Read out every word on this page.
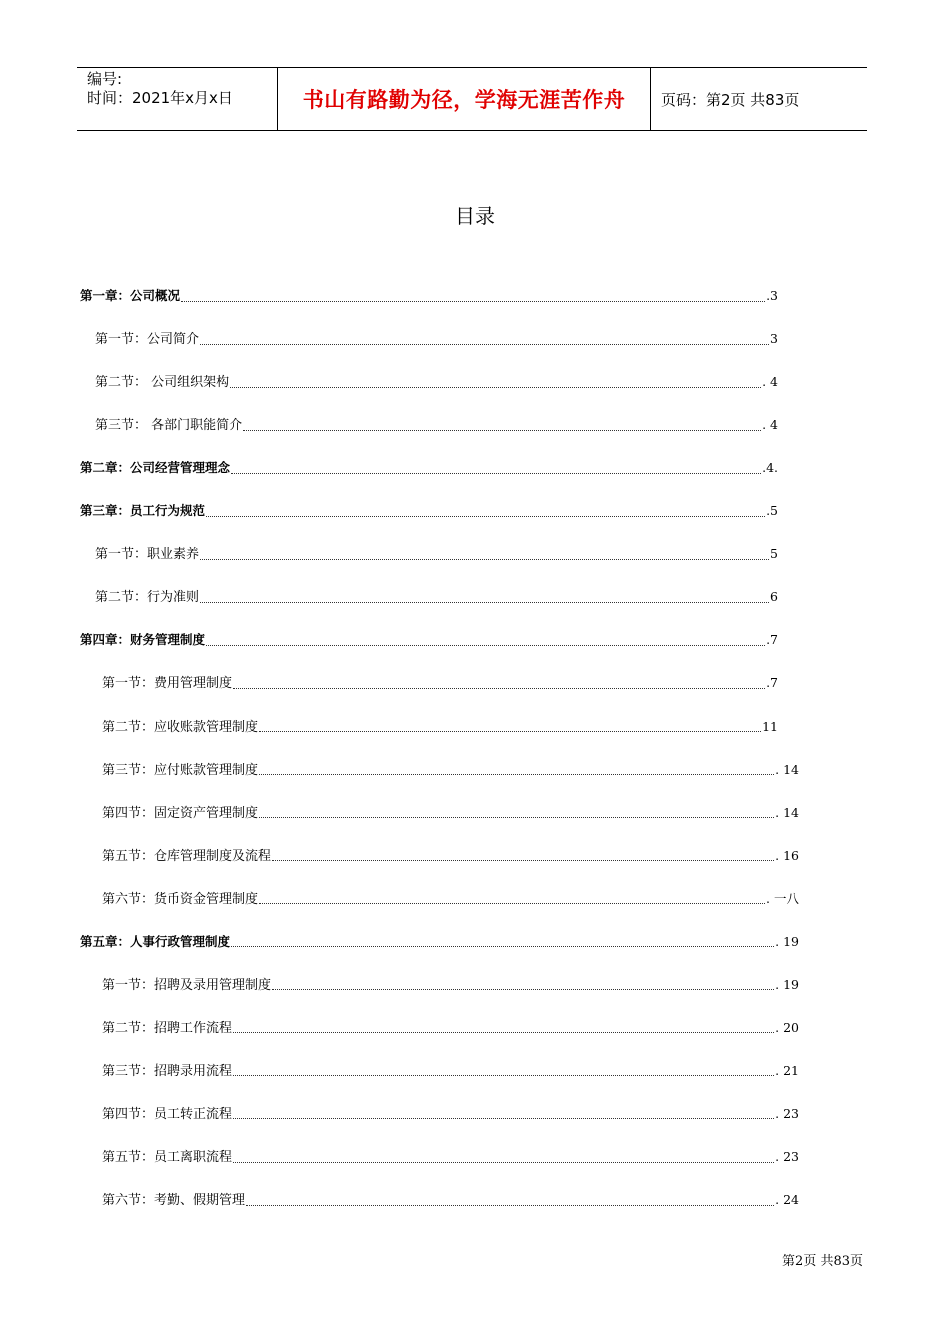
编号:
时间：2021年x月x日	书山有路勤为径，学海无涯苦作舟	页码：第2页 共83页
目录
第一章：公司概况	.3
第一节：公司简介	3
第二节： 公司组织架构	. 4
第三节： 各部门职能简介	. 4
第二章：公司经营管理理念	.4.
第三章：员工行为规范	.5
第一节：职业素养	5
第二节：行为准则	6
第四章：财务管理制度	.7
第一节：费用管理制度	.7
第二节：应收账款管理制度	11
第三节：应付账款管理制度	. 14
第四节：固定资产管理制度	. 14
第五节：仓库管理制度及流程	. 16
第六节：货币资金管理制度	. 一八
第五章：人事行政管理制度	. 19
第一节：招聘及录用管理制度	. 19
第二节：招聘工作流程	. 20
第三节：招聘录用流程	. 21
第四节：员工转正流程	. 23
第五节：员工离职流程	. 23
第六节：考勤、假期管理	. 24
第2页 共83页
